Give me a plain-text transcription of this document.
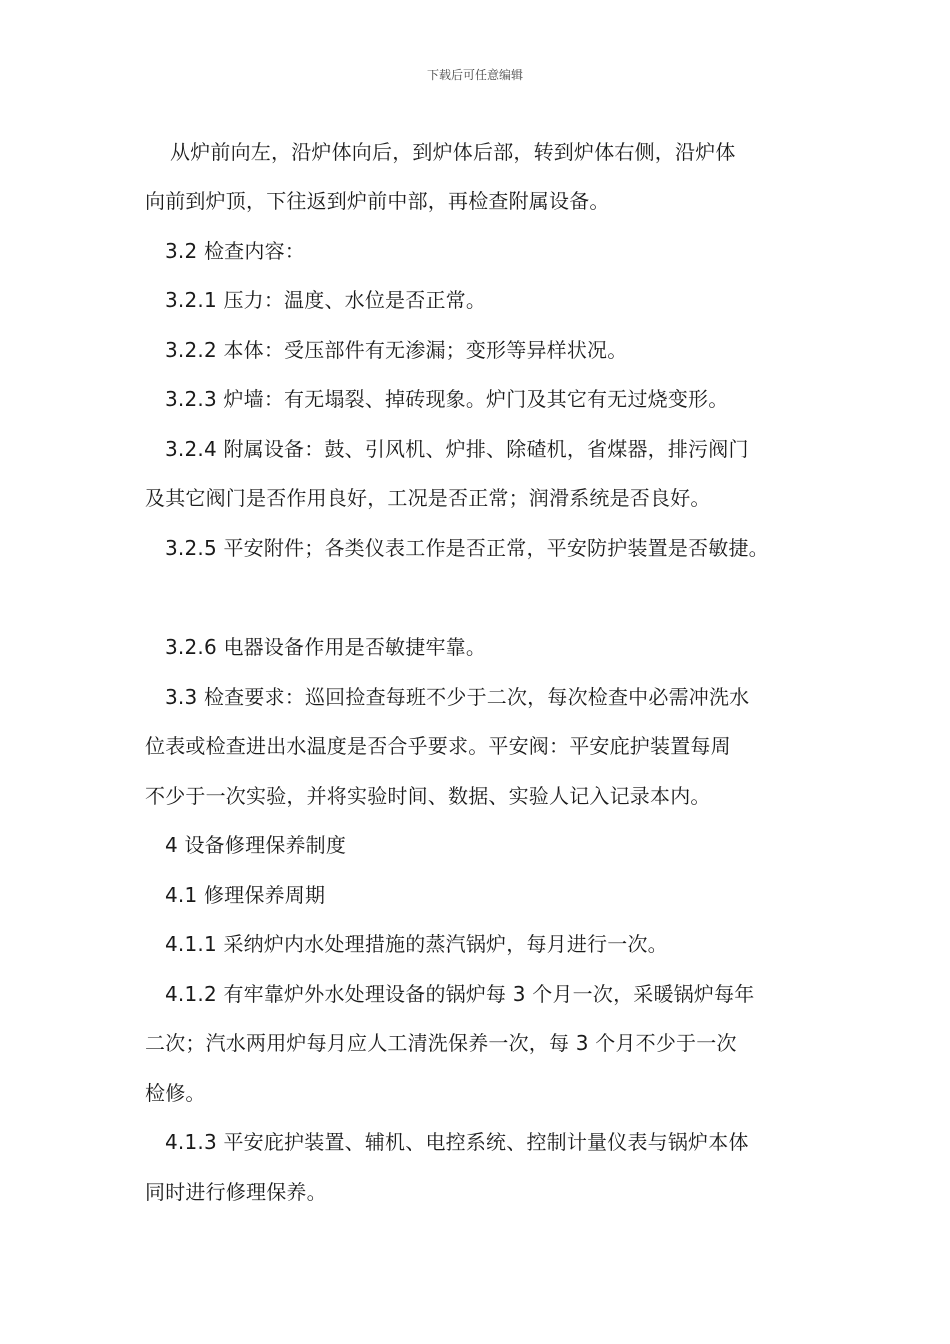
下载后可任意编辑
从炉前向左，沿炉体向后，到炉体后部，转到炉体右侧，沿炉体
向前到炉顶，下往返到炉前中部，再检查附属设备。
3.2 检查内容：
3.2.1 压力：温度、水位是否正常。
3.2.2 本体：受压部件有无渗漏；变形等异样状况。
3.2.3 炉墙：有无塌裂、掉砖现象。炉门及其它有无过烧变形。
3.2.4 附属设备：鼓、引风机、炉排、除碴机，省煤器，排污阀门
及其它阀门是否作用良好，工况是否正常；润滑系统是否良好。
3.2.5 平安附件；各类仪表工作是否正常，平安防护装置是否敏捷。
3.2.6 电器设备作用是否敏捷牢靠。
3.3 检查要求：巡回捡查每班不少于二次，每次检查中必需冲洗水
位表或检查进出水温度是否合乎要求。平安阀：平安庇护装置每周
不少于一次实验，并将实验时间、数据、实验人记入记录本内。
4 设备修理保养制度
4.1 修理保养周期
4.1.1 采纳炉内水处理措施的蒸汽锅炉，每月进行一次。
4.1.2 有牢靠炉外水处理设备的锅炉每 3 个月一次，采暖锅炉每年
二次；汽水两用炉每月应人工清洗保养一次，每 3 个月不少于一次
检修。
4.1.3 平安庇护装置、辅机、电控系统、控制计量仪表与锅炉本体
同时进行修理保养。
